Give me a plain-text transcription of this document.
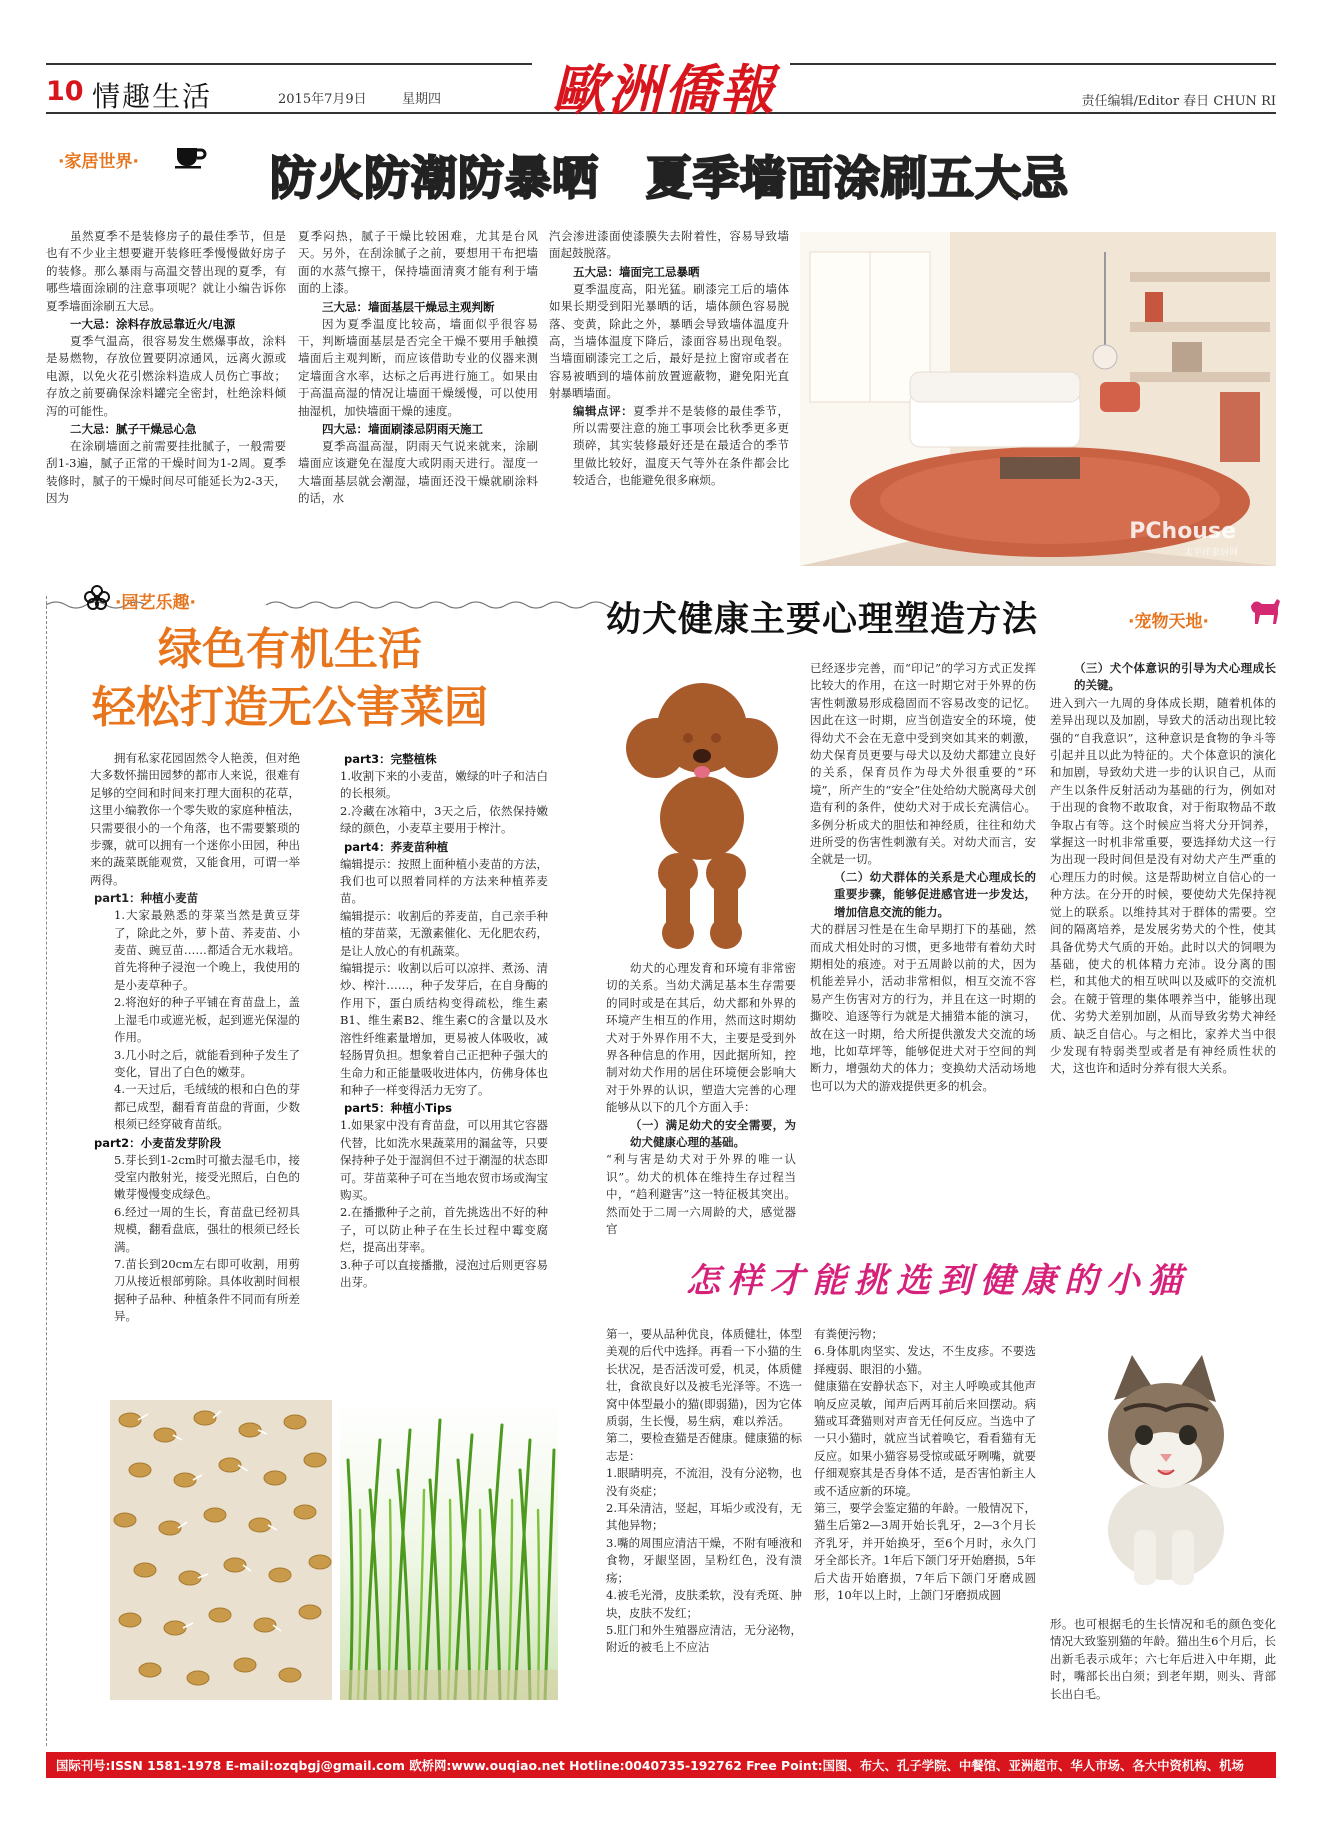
10 情趣生活	2015年7月9日	星期四 歐洲僑報	责任编辑/Editor 春日 CHUN RI
·家居世界·	防火防潮防暴晒　夏季墙面涂刷五大忌
虽然夏季不是装修房子的最佳季节，但是也有不少业主想要避开装修旺季慢慢做好房子的装修。那么暴雨与高温交替出现的夏季，有哪些墙面涂刷的注意事项呢？就让小编告诉你夏季墙面涂刷五大忌。
一大忌：涂料存放忌靠近火/电源
夏季气温高，很容易发生燃爆事故，涂料是易燃物，存放位置要阴凉通风，远离火源或电源，以免火花引燃涂料造成人员伤亡事故；存放之前要确保涂料罐完全密封，杜绝涂料倾泻的可能性。
二大忌：腻子干燥忌心急
在涂刷墙面之前需要挂批腻子，一般需要刮1-3遍，腻子正常的干燥时间为1-2周。夏季装修时，腻子的干燥时间尽可能延长为2-3天，因为
夏季闷热，腻子干燥比较困难，尤其是台风天。另外，在刮涂腻子之前，要想用干布把墙面的水蒸气擦干，保持墙面清爽才能有利于墙面的上漆。
三大忌：墙面基层干燥忌主观判断
因为夏季温度比较高，墙面似乎很容易干，判断墙面基层是否完全干燥不要用手触摸墙面后主观判断，而应该借助专业的仪器来测定墙面含水率，达标之后再进行施工。如果由于高温高湿的情况让墙面干燥缓慢，可以使用抽湿机，加快墙面干燥的速度。
四大忌：墙面刷漆忌阴雨天施工
夏季高温高湿，阴雨天气说来就来，涂刷墙面应该避免在湿度大或阴雨天进行。湿度一大墙面基层就会潮湿，墙面还没干燥就刷涂料的话，水
汽会渗进漆面使漆膜失去附着性，容易导致墙面起鼓脱落。
五大忌：墙面完工忌暴晒
夏季温度高，阳光猛。刷漆完工后的墙体如果长期受到阳光暴晒的话，墙体颜色容易脱落、变黄，除此之外，暴晒会导致墙体温度升高，当墙体温度下降后，漆面容易出现龟裂。当墙面刷漆完工之后，最好是拉上窗帘或者在容易被晒到的墙体前放置遮蔽物，避免阳光直射暴晒墙面。
编辑点评：夏季并不是装修的最佳季节，所以需要注意的施工事项会比秋季更多更琐碎，其实装修最好还是在最适合的季节里做比较好，温度天气等外在条件都会比较适合，也能避免很多麻烦。
PChouse
太平洋家居网
·园艺乐趣·
绿色有机生活
轻松打造无公害菜园
拥有私家花园固然令人艳羡，但对绝大多数怀揣田园梦的都市人来说，很难有足够的空间和时间来打理大面积的花草，这里小编教你一个零失败的家庭种植法，只需要很小的一个角落，也不需要繁琐的步骤，就可以拥有一个迷你小田园，种出来的蔬菜既能观赏，又能食用，可谓一举两得。
part1：种植小麦苗
1.大家最熟悉的芽菜当然是黄豆芽了，除此之外，萝卜苗、荞麦苗、小麦苗、豌豆苗……都适合无水栽培。首先将种子浸泡一个晚上，我使用的是小麦草种子。
2.将泡好的种子平铺在育苗盘上，盖上湿毛巾或遮光板，起到遮光保湿的作用。
3.几小时之后，就能看到种子发生了变化，冒出了白色的嫩芽。
4.一天过后，毛绒绒的根和白色的芽都已成型，翻看育苗盘的背面，少数根须已经穿破育苗纸。
part2：小麦苗发芽阶段
5.芽长到1-2cm时可撤去湿毛巾，接受室内散射光，接受光照后，白色的嫩芽慢慢变成绿色。
6.经过一周的生长，育苗盘已经初具规模，翻看盘底，强壮的根须已经长满。
7.苗长到20cm左右即可收割，用剪刀从接近根部剪除。具体收割时间根据种子品种、种植条件不同而有所差异。
part3：完整植株
1.收割下来的小麦苗，嫩绿的叶子和洁白的长根须。
2.冷藏在冰箱中，3天之后，依然保持嫩绿的颜色，小麦草主要用于榨汁。
part4：荞麦苗种植
编辑提示：按照上面种植小麦苗的方法，我们也可以照着同样的方法来种植荞麦苗。
编辑提示：收割后的荞麦苗，自己亲手种植的芽苗菜，无激素催化、无化肥农药，是让人放心的有机蔬菜。
编辑提示：收割以后可以凉拌、煮汤、清炒、榨汁……，种子发芽后，在自身酶的作用下，蛋白质结构变得疏松，维生素B1、维生素B2、维生素C的含量以及水溶性纤维素量增加，更易被人体吸收，减轻肠胃负担。想象着自己正把种子强大的生命力和正能量吸收进体内，仿佛身体也和种子一样变得活力无穷了。
part5：种植小Tips
1.如果家中没有育苗盘，可以用其它容器代替，比如洗水果蔬菜用的漏盆等，只要保持种子处于湿润但不过于潮湿的状态即可。芽苗菜种子可在当地农贸市场或淘宝购买。
2.在播撒种子之前，首先挑选出不好的种子，可以防止种子在生长过程中霉变腐烂，提高出芽率。
3.种子可以直接播撒，浸泡过后则更容易出芽。
幼犬健康主要心理塑造方法	·宠物天地·
幼犬的心理发育和环境有非常密切的关系。当幼犬满足基本生存需要的同时或是在其后，幼犬都和外界的环境产生相互的作用，然而这时期幼犬对于外界作用不大，主要是受到外界各种信息的作用，因此据所知，控制对幼犬作用的居住环境便会影响大对于外界的认识，塑造大完善的心理能够从以下的几个方面入手：
（一）满足幼犬的安全需要，为幼犬健康心理的基础。
“利与害是幼犬对于外界的唯一认识”。幼犬的机体在维持生存过程当中，“趋利避害”这一特征极其突出。然而处于二周一六周龄的犬，感觉器官
已经逐步完善，而“印记”的学习方式正发挥比较大的作用，在这一时期它对于外界的伤害性刺激易形成稳固而不容易改变的记忆。因此在这一时期，应当创造安全的环境，使得幼犬不会在无意中受到突如其来的刺激，幼犬保育员更要与母犬以及幼犬都建立良好的关系，保育员作为母犬外很重要的“环境”，所产生的“安全”住处给幼犬脱离母犬创造有利的条件，使幼犬对于成长充满信心。多例分析成犬的胆怯和神经质，往往和幼犬进所受的伤害性刺激有关。对幼犬而言，安全就是一切。
（二）幼犬群体的关系是犬心理成长的重要步骤，能够促进感官进一步发达，增加信息交流的能力。
犬的群居习性是在生命早期打下的基础，然而成犬相处时的习惯，更多地带有着幼犬时期相处的痕迹。对于五周龄以前的犬，因为机能差异小，活动非常相似，相互交流不容易产生伤害对方的行为，并且在这一时期的撕咬、追逐等行为就是犬捕猎本能的演习，故在这一时期，给犬所提供激发犬交流的场地，比如草坪等，能够促进犬对于空间的判断力，增强幼犬的体力；变换幼犬活动场地也可以为犬的游戏提供更多的机会。
（三）犬个体意识的引导为犬心理成长的关键。
进入到六一九周的身体成长期，随着机体的差异出现以及加剧，导致犬的活动出现比较强的“自我意识”，这种意识是食物的争斗等引起并且以此为特征的。犬个体意识的演化和加剧，导致幼犬进一步的认识自己，从而产生以条件反射活动为基础的行为，例如对于出现的食物不敢取食，对于衔取物品不敢争取占有等。这个时候应当将犬分开饲养，掌握这一时机非常重要，要选择幼犬这一行为出现一段时间但是没有对幼犬产生严重的心理压力的时候。这是帮助树立自信心的一种方法。在分开的时候，要使幼犬先保持视觉上的联系。以维持其对于群体的需要。空间的隔离培养，是发展劣势犬的个性，使其具备优势犬气质的开始。此时以犬的饲喂为基础，使犬的机体精力充沛。设分离的围栏，和其他犬的相互吠叫以及威吓的交流机会。在競于管理的集体喂养当中，能够出现优、劣势犬差别加剧，从而导致劣势犬神经质、缺乏自信心。与之相比，家养犬当中很少发现有特弱类型或者是有神经质性状的犬，这也许和适时分养有很大关系。
怎样才能挑选到健康的小猫
第一，要从品种优良，体质健壮，体型美观的后代中选择。再看一下小猫的生长状况，是否活泼可爱，机灵，体质健壮，食欲良好以及被毛光泽等。不选一窝中体型最小的猫(即弱猫)，因为它体质弱，生长慢，易生病，难以养活。
第二，要检查猫是否健康。健康猫的标志是：
1.眼睛明亮，不流泪，没有分泌物，也没有炎症；
2.耳朵清洁，竖起，耳垢少或没有，无其他异物；
3.嘴的周围应清洁干燥，不附有唾液和食物，牙龈坚固，呈粉红色，没有溃疡；
4.被毛光滑，皮肤柔软，没有秃斑、肿块，皮肤不发红；
5.肛门和外生殖器应清洁，无分泌物，附近的被毛上不应沾
有粪便污物；
6.身体肌肉坚实、发达，不生皮疹。不要选择瘦弱、眼泪的小猫。
健康猫在安静状态下，对主人呼唤或其他声响反应灵敏，闻声后两耳前后来回摆动。病猫或耳聋猫则对声音无任何反应。当选中了一只小猫时，就应当试着唤它，看看猫有无反应。如果小猫容易受惊或砥牙咧嘴，就要仔细观察其是否身体不适，是否害怕新主人或不适应新的环境。
第三，要学会鉴定猫的年龄。一般情况下，猫生后第2—3周开始长乳牙，2—3个月长齐乳牙，并开始换牙，至6个月时，永久门牙全部长齐。1年后下颌门牙开始磨损，5年后犬齿开始磨损，7年后下颌门牙磨成圆形，10年以上时，上颌门牙磨损成圆
形。也可根据毛的生长情况和毛的颜色变化情况大致鉴别猫的年龄。猫出生6个月后，长出新毛表示成年；六七年后进入中年期，此时，嘴部长出白须；到老年期，则头、背部长出白毛。
国际刊号:ISSN 1581-1978 E-mail:ozqbgj@gmail.com 欧桥网:www.ouqiao.net Hotline:0040735-192762 Free Point:国图、布大、孔子学院、中餐馆、亚洲超市、华人市场、各大中资机构、机场
